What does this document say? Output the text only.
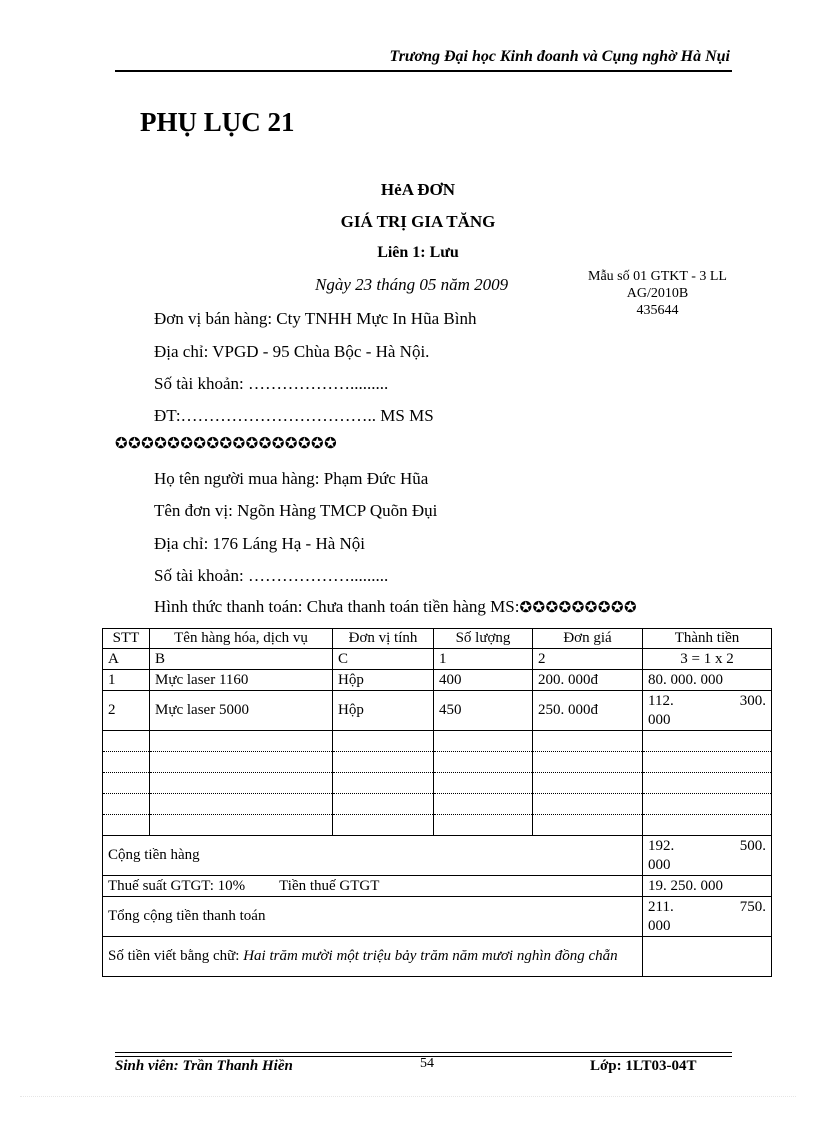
Trương Đại học Kinh đoanh và Cụng nghờ Hà Nụi
PHỤ LỤC 21
HẻA ĐƠN
GIÁ TRỊ GIA TĂNG
Liên 1: Lưu
Ngày 23 tháng 05 năm 2009	Mẫu số 01 GTKT - 3 LL
AG/2010B
435644
Đơn vị bán hàng: Cty TNHH Mực In Hũa Bình
Địa chỉ: VPGD - 95 Chùa Bộc - Hà Nội.
Số tài khoản: ……………….........
ĐT:…………………………….. MS MS
✪✪✪✪✪✪✪✪✪✪✪✪✪✪✪✪✪
Họ tên người mua hàng: Phạm Đức Hũa
Tên đơn vị: Ngõn Hàng TMCP Quõn Đụi
Địa chỉ: 176 Láng Hạ - Hà Nội
Số tài khoản: ……………….........
Hình thức thanh toán: Chưa thanh toán tiền hàng MS:✪✪✪✪✪✪✪✪✪
STT	Tên hàng hóa, dịch vụ	Đơn vị tính	Số lượng	Đơn giá	Thành tiền
A	B	C	1	2	3 = 1 x 2
1	Mực laser 1160	Hộp	400	200. 000đ	80. 000. 000
2	Mực laser 5000	Hộp	450	250. 000đ	112. 300.
000

Cộng tiền hàng					192. 500.
000

Thuế suất GTGT: 10% Tiền thuế GTGT					19. 250. 000
Tổng cộng tiền thanh toán					211. 750.
000

Số tiền viết bằng chữ: Hai trăm mười một triệu bảy trăm năm mươi nghìn đồng chẵn					
Sinh viên: Trần Thanh Hiền	54	Lớp: 1LT03-04T
